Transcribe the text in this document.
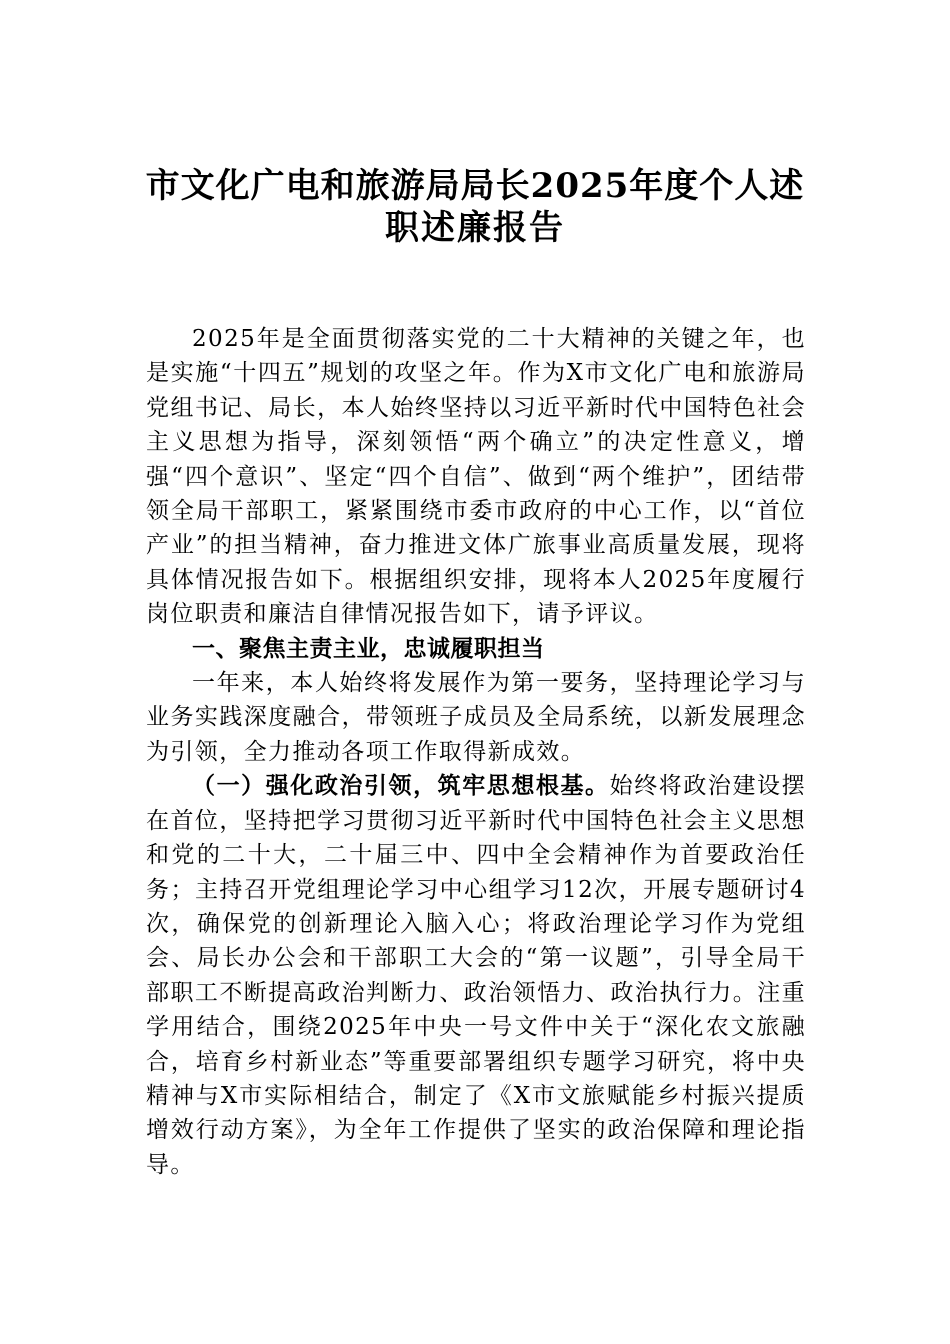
市文化广电和旅游局局长2025年度个人述
职述廉报告

2025年是全面贯彻落实党的二十大精神的关键之年，也是实施“十四五”规划的攻坚之年。作为X市文化广电和旅游局党组书记、局长，本人始终坚持以习近平新时代中国特色社会主义思想为指导，深刻领悟“两个确立”的决定性意义，增强“四个意识”、坚定“四个自信”、做到“两个维护”，团结带领全局干部职工，紧紧围绕市委市政府的中心工作，以“首位产业”的担当精神，奋力推进文体广旅事业高质量发展，现将具体情况报告如下。根据组织安排，现将本人2025年度履行岗位职责和廉洁自律情况报告如下，请予评议。

一、聚焦主责主业，忠诚履职担当

一年来，本人始终将发展作为第一要务，坚持理论学习与业务实践深度融合，带领班子成员及全局系统，以新发展理念为引领，全力推动各项工作取得新成效。

（一）强化政治引领，筑牢思想根基。始终将政治建设摆在首位，坚持把学习贯彻习近平新时代中国特色社会主义思想和党的二十大，二十届三中、四中全会精神作为首要政治任务；主持召开党组理论学习中心组学习12次，开展专题研讨4次，确保党的创新理论入脑入心；将政治理论学习作为党组会、局长办公会和干部职工大会的“第一议题”，引导全局干部职工不断提高政治判断力、政治领悟力、政治执行力。注重学用结合，围绕2025年中央一号文件中关于“深化农文旅融合，培育乡村新业态”等重要部署组织专题学习研究，将中央精神与X市实际相结合，制定了《X市文旅赋能乡村振兴提质增效行动方案》，为全年工作提供了坚实的政治保障和理论指导。
